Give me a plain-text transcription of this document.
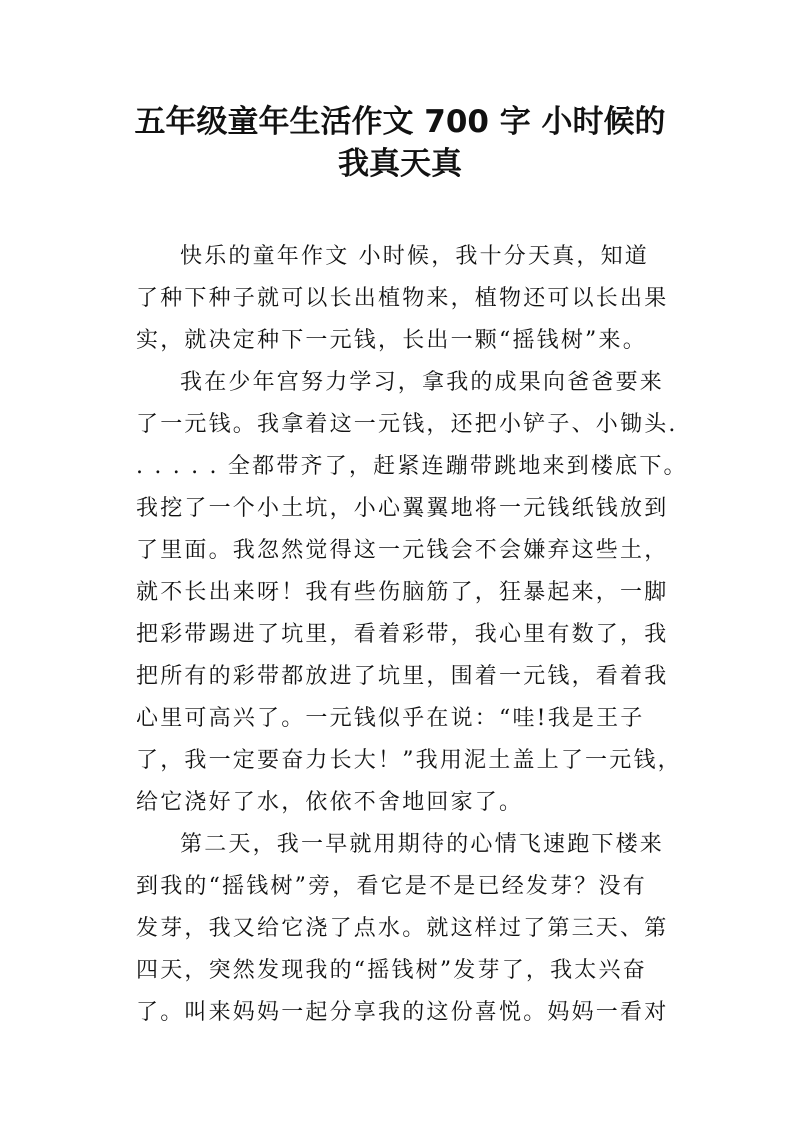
五年级童年生活作文 700 字 小时候的
我真天真
快乐的童年作文 小时候，我十分天真，知道
了种下种子就可以长出植物来，植物还可以长出果
实，就决定种下一元钱，长出一颗“摇钱树”来。
我在少年宫努力学习，拿我的成果向爸爸要来
了一元钱。我拿着这一元钱，还把小铲子、小锄头.
. . . . . 全都带齐了，赶紧连蹦带跳地来到楼底下。
我挖了一个小土坑，小心翼翼地将一元钱纸钱放到
了里面。我忽然觉得这一元钱会不会嫌弃这些土，
就不长出来呀！我有些伤脑筋了，狂暴起来，一脚
把彩带踢进了坑里，看着彩带，我心里有数了，我
把所有的彩带都放进了坑里，围着一元钱，看着我
心里可高兴了。一元钱似乎在说：“哇!我是王子
了，我一定要奋力长大！”我用泥土盖上了一元钱，
给它浇好了水，依依不舍地回家了。
第二天，我一早就用期待的心情飞速跑下楼来
到我的“摇钱树”旁，看它是不是已经发芽？没有
发芽，我又给它浇了点水。就这样过了第三天、第
四天，突然发现我的“摇钱树”发芽了，我太兴奋
了。叫来妈妈一起分享我的这份喜悦。妈妈一看对
